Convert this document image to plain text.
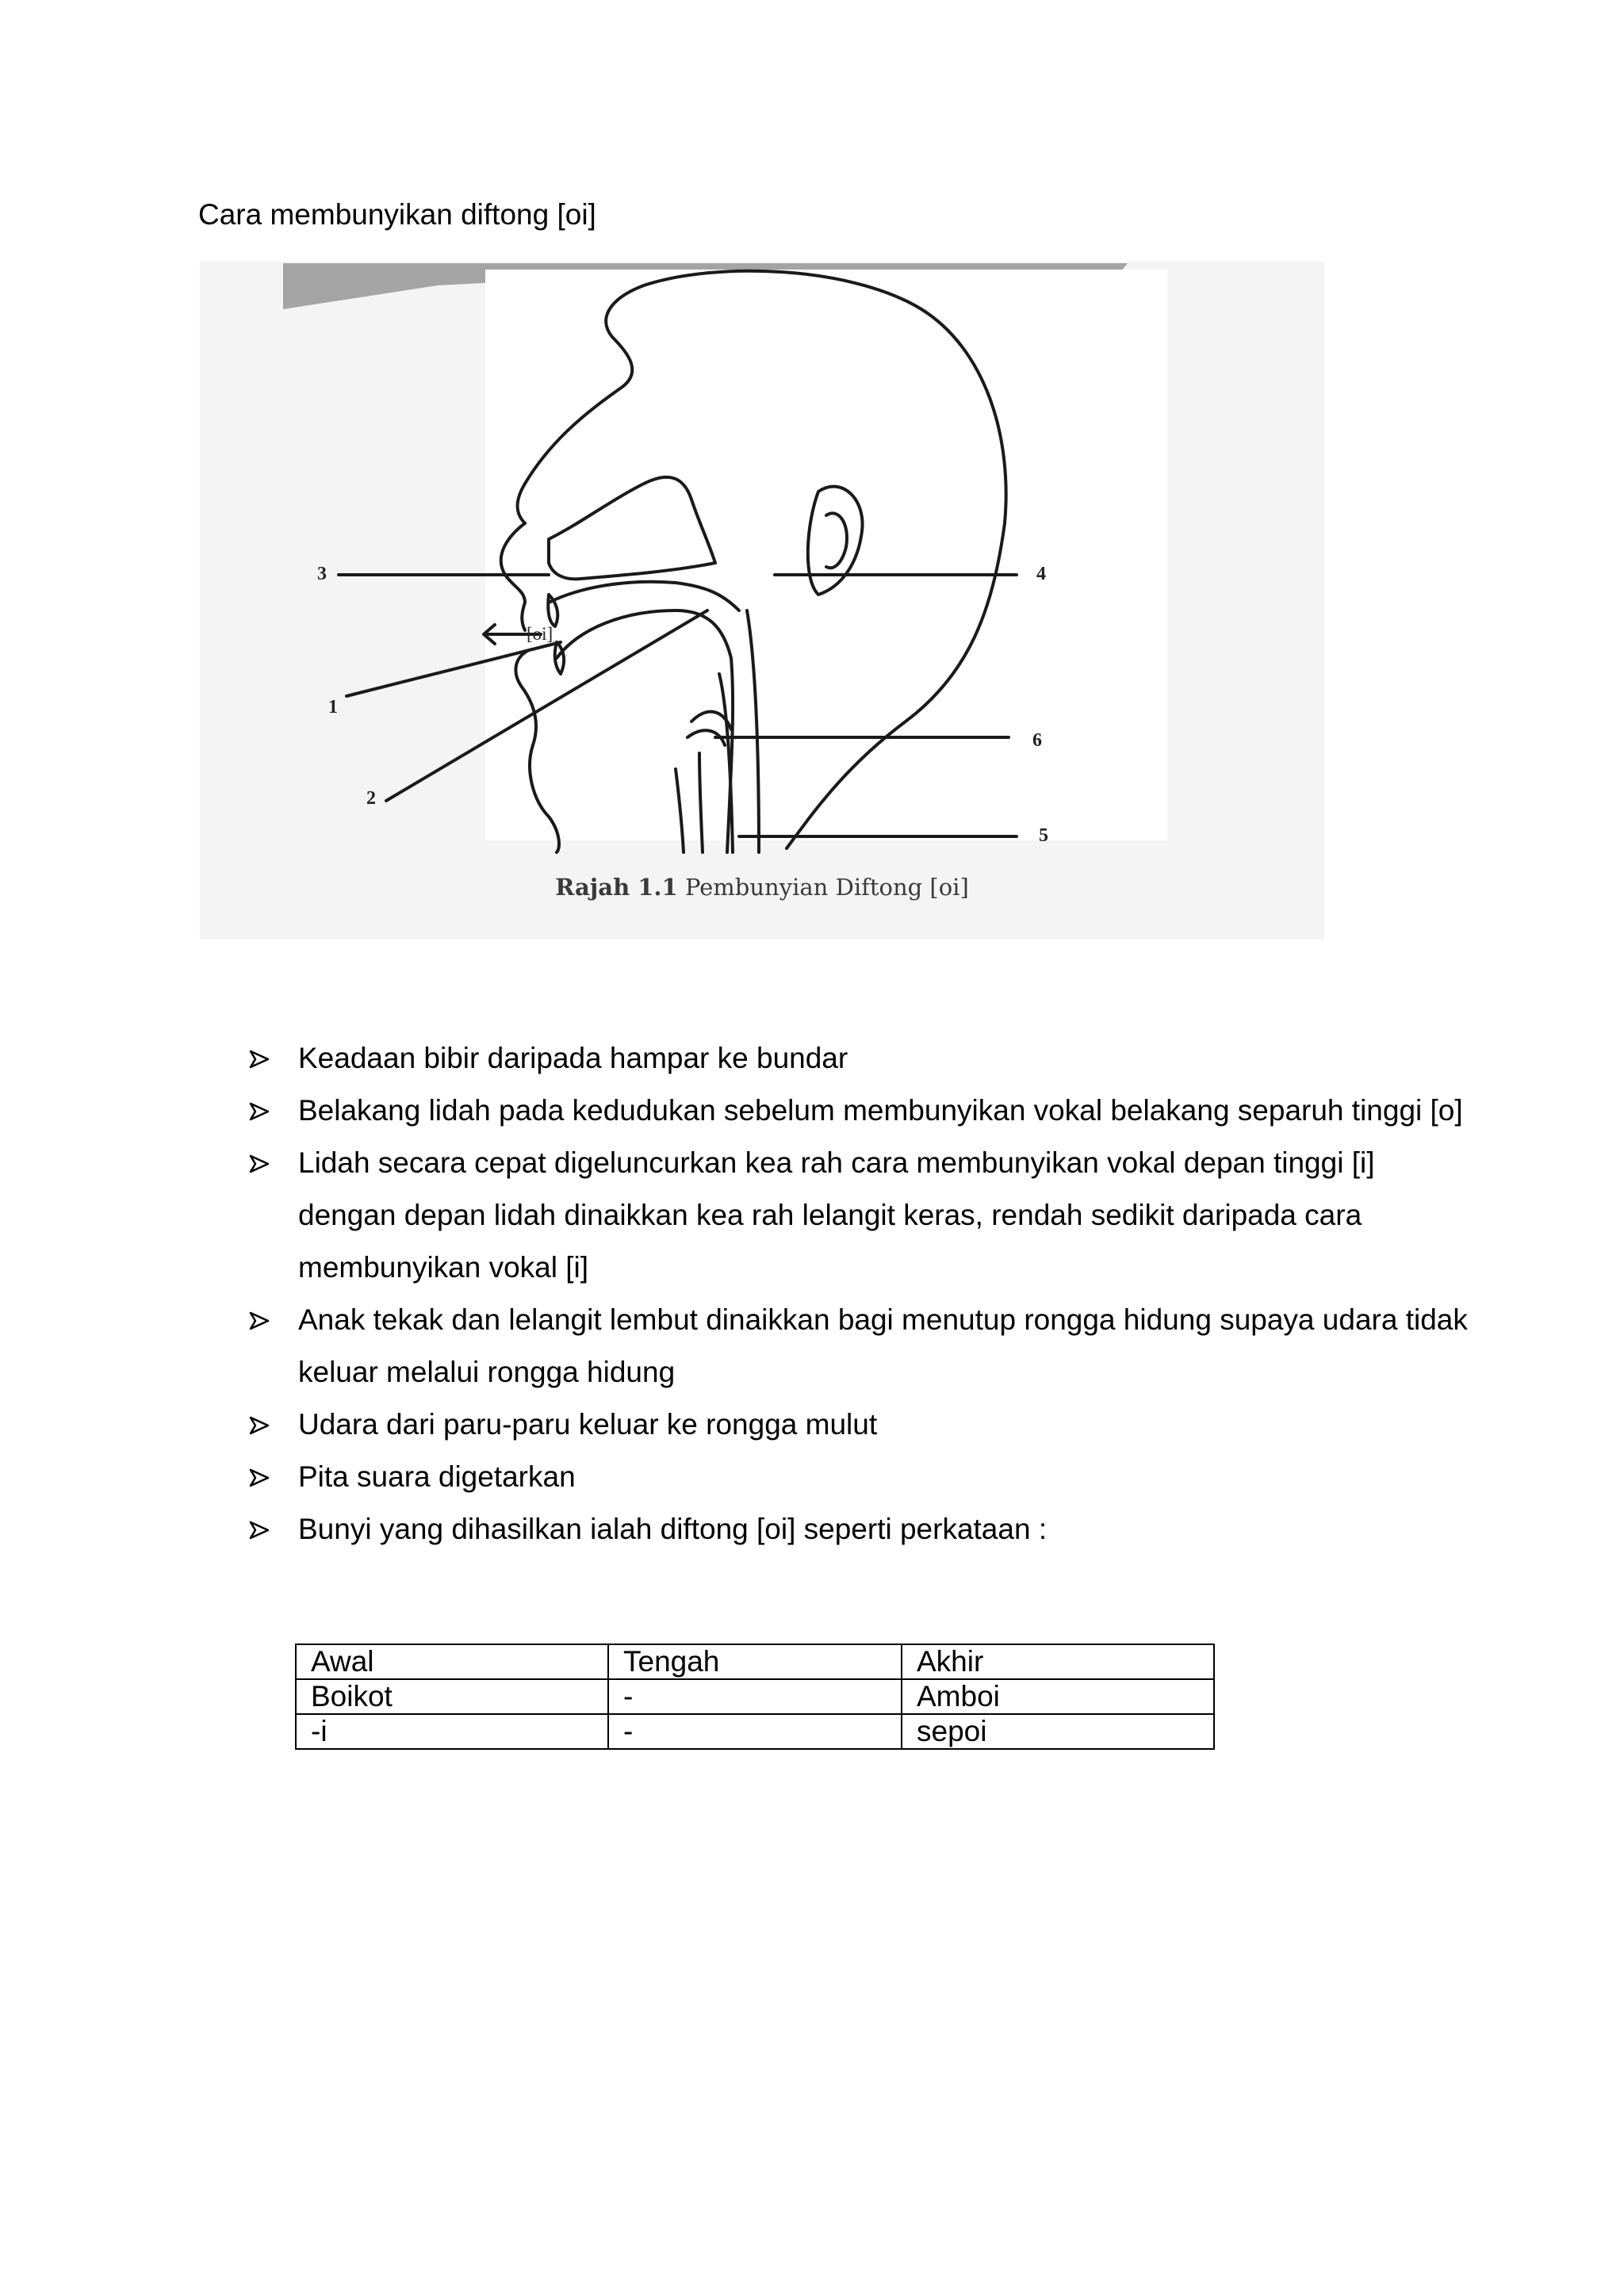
Cara membunyikan diftong [oi]
3	4
1
2
6
5
[oi]
Rajah 1.1 Pembunyian Diftong [oi]
Keadaan bibir daripada hampar ke bundar
Belakang lidah pada kedudukan sebelum membunyikan vokal belakang separuh tinggi [o]
Lidah secara cepat digeluncurkan kea rah cara membunyikan vokal depan tinggi [i] dengan depan lidah dinaikkan kea rah lelangit keras, rendah sedikit daripada cara membunyikan vokal [i]
Anak tekak dan lelangit lembut dinaikkan bagi menutup rongga hidung supaya udara tidak keluar melalui rongga hidung
Udara dari paru-paru keluar ke rongga mulut
Pita suara digetarkan
Bunyi yang dihasilkan ialah diftong [oi] seperti perkataan :
Awal	Tengah	Akhir
Boikot	-	Amboi
-i	-	sepoi
